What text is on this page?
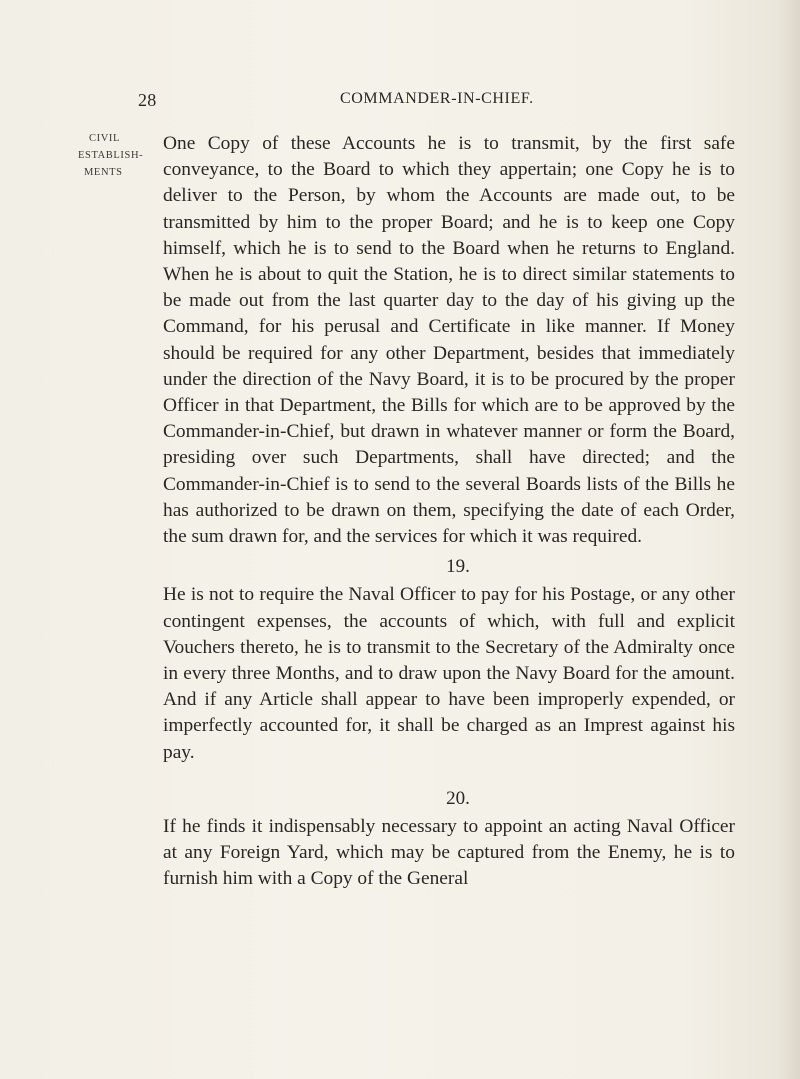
28	COMMANDER-IN-CHIEF.
CIVIL
ESTABLISH-
MENTS

One Copy of these Accounts he is to transmit, by the first safe conveyance, to the Board to which they appertain; one Copy he is to deliver to the Person, by whom the Accounts are made out, to be transmitted by him to the proper Board; and he is to keep one Copy himself, which he is to send to the Board when he returns to England. When he is about to quit the Station, he is to direct similar statements to be made out from the last quarter day to the day of his giving up the Command, for his perusal and Certificate in like manner. If Money should be required for any other Department, besides that immediately under the direction of the Navy Board, it is to be procured by the proper Officer in that Department, the Bills for which are to be approved by the Commander-in-Chief, but drawn in whatever manner or form the Board, presiding over such Departments, shall have directed; and the Commander-in-Chief is to send to the several Boards lists of the Bills he has authorized to be drawn on them, specifying the date of each Order, the sum drawn for, and the services for which it was required.

19.

He is not to require the Naval Officer to pay for his Postage, or any other contingent expenses, the accounts of which, with full and explicit Vouchers thereto, he is to transmit to the Secretary of the Admiralty once in every three Months, and to draw upon the Navy Board for the amount. And if any Article shall appear to have been improperly expended, or imperfectly accounted for, it shall be charged as an Imprest against his pay.

20.

If he finds it indispensably necessary to appoint an acting Naval Officer at any Foreign Yard, which may be captured from the Enemy, he is to furnish him with a Copy of the General
